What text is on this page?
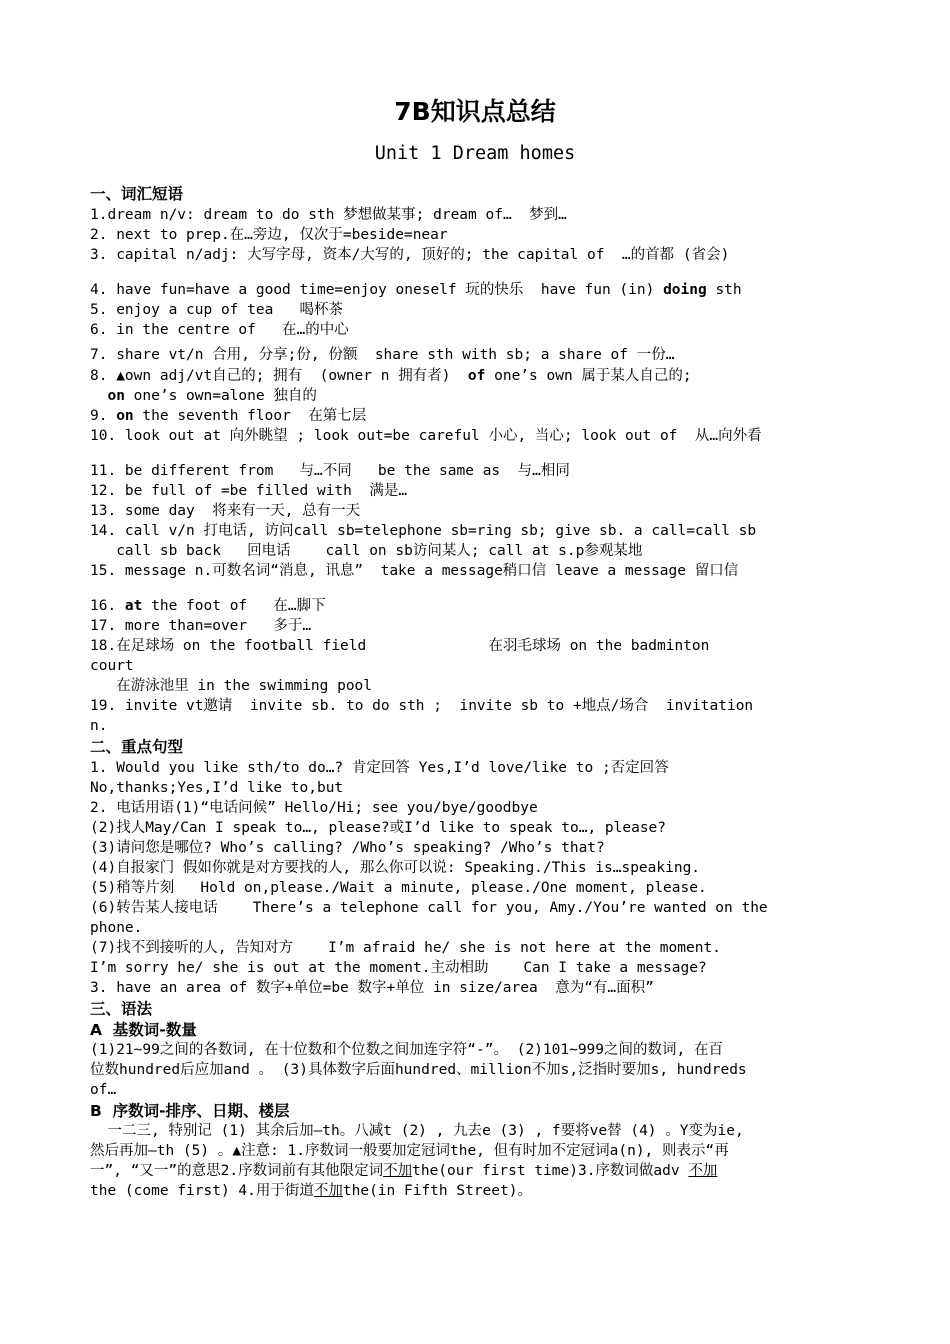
7B知识点总结
Unit 1 Dream homes
一、词汇短语
1.dream n/v: dream to do sth 梦想做某事; dream of…  梦到…
2. next to prep.在…旁边, 仅次于=beside=near
3. capital n/adj: 大写字母, 资本/大写的, 顶好的; the capital of  …的首都 (省会)
4. have fun=have a good time=enjoy oneself 玩的快乐  have fun (in) doing sth
5. enjoy a cup of tea   喝杯茶
6. in the centre of   在…的中心
7. share vt/n 合用, 分享;份, 份额  share sth with sb; a share of 一份…
8. ▲own adj/vt自己的; 拥有  (owner n 拥有者)  of one’s own 属于某人自己的;
on one’s own=alone 独自的
9. on the seventh floor  在第七层
10. look out at 向外眺望 ; look out=be careful 小心, 当心; look out of  从…向外看
11. be different from   与…不同   be the same as  与…相同
12. be full of =be filled with  满是…
13. some day  将来有一天, 总有一天
14. call v/n 打电话, 访问call sb=telephone sb=ring sb; give sb. a call=call sb
call sb back   回电话    call on sb访问某人; call at s.p参观某地
15. message n.可数名词“消息, 讯息”  take a message稍口信 leave a message 留口信
16. at the foot of   在…脚下
17. more than=over   多于…
18.在足球场 on the football field              在羽毛球场 on the badminton
court
在游泳池里 in the swimming pool
19. invite vt邀请  invite sb. to do sth ;  invite sb to +地点/场合  invitation
n.
二、重点句型
1. Would you like sth/to do…? 肯定回答 Yes,I’d love/like to ;否定回答
No,thanks;Yes,I’d like to,but
2. 电话用语(1)“电话问候” Hello/Hi; see you/bye/goodbye
(2)找人May/Can I speak to…, please?或I’d like to speak to…, please?
(3)请问您是哪位? Who’s calling? /Who’s speaking? /Who’s that?
(4)自报家门 假如你就是对方要找的人, 那么你可以说: Speaking./This is…speaking.
(5)稍等片刻   Hold on,please./Wait a minute, please./One moment, please.
(6)转告某人接电话    There’s a telephone call for you, Amy./You’re wanted on the
phone.
(7)找不到接听的人, 告知对方    I’m afraid he/ she is not here at the moment.
I’m sorry he/ she is out at the moment.主动相助    Can I take a message?
3. have an area of 数字+单位=be 数字+单位 in size/area  意为“有…面积”
三、语法
A  基数词-数量
(1)21~99之间的各数词, 在十位数和个位数之间加连字符“-”。 (2)101~999之间的数词, 在百
位数hundred后应加and 。 (3)具体数字后面hundred、million不加s,泛指时要加s, hundreds
of…
B  序数词-排序、日期、楼层
一二三, 特别记 (1) 其余后加—th。八减t (2) , 九去e (3) , f要将ve替 (4) 。Y变为ie,
然后再加—th (5) 。▲注意: 1.序数词一般要加定冠词the, 但有时加不定冠词a(n), 则表示“再
一”, “又一”的意思2.序数词前有其他限定词不加the(our first time)3.序数词做adv 不加
the (come first) 4.用于街道不加the(in Fifth Street)。
